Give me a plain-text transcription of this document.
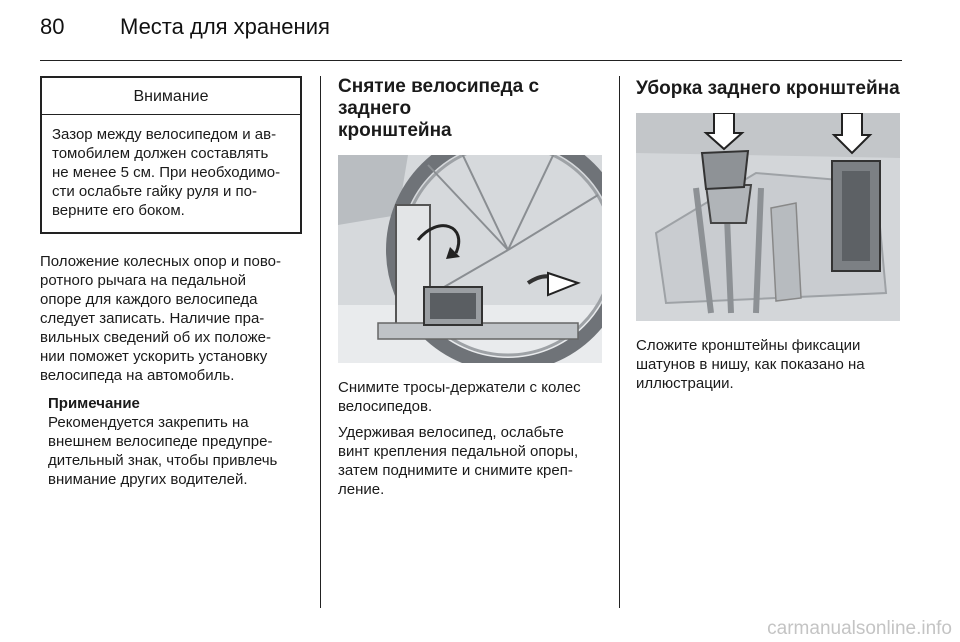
80	Места для хранения
Внимание
Зазор между велосипедом и ав-
томобилем должен составлять
не менее 5 см. При необходимо-
сти ослабьте гайку руля и по-
верните его боком.
Положение колесных опор и пово-
ротного рычага на педальной
опоре для каждого велосипеда
следует записать. Наличие пра-
вильных сведений об их положе-
нии поможет ускорить установку
велосипеда на автомобиль.
Примечание
Рекомендуется закрепить на
внешнем велосипеде предупре-
дительный знак, чтобы привлечь
внимание других водителей.
Снятие велосипеда с заднего
кронштейна
Снимите тросы-держатели с колес
велосипедов.
Удерживая велосипед, ослабьте
винт крепления педальной опоры,
затем поднимите и снимите креп-
ление.
Уборка заднего кронштейна
Сложите кронштейны фиксации
шатунов в нишу, как показано на
иллюстрации.
carmanualsonline.info
